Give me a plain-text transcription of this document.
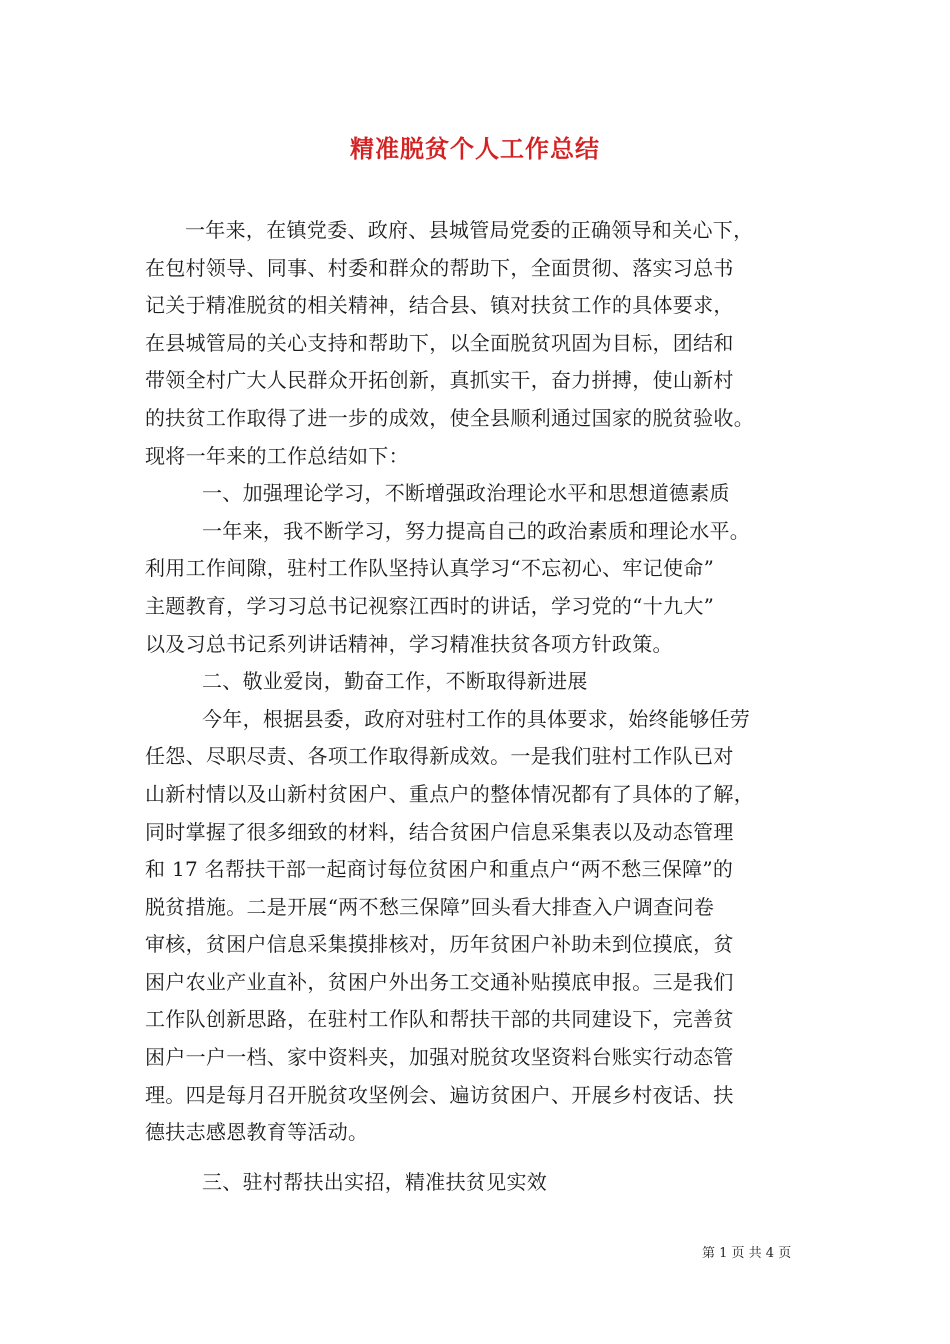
精准脱贫个人工作总结
一年来，在镇党委、政府、县城管局党委的正确领导和关心下，
在包村领导、同事、村委和群众的帮助下，全面贯彻、落实习总书
记关于精准脱贫的相关精神，结合县、镇对扶贫工作的具体要求，
在县城管局的关心支持和帮助下，以全面脱贫巩固为目标，团结和
带领全村广大人民群众开拓创新，真抓实干，奋力拼搏，使山新村
的扶贫工作取得了进一步的成效，使全县顺利通过国家的脱贫验收。
现将一年来的工作总结如下：
一、加强理论学习，不断增强政治理论水平和思想道德素质
一年来，我不断学习，努力提高自己的政治素质和理论水平。
利用工作间隙，驻村工作队坚持认真学习“不忘初心、牢记使命”
主题教育，学习习总书记视察江西时的讲话，学习党的“十九大”
以及习总书记系列讲话精神，学习精准扶贫各项方针政策。
二、敬业爱岗，勤奋工作，不断取得新进展
今年，根据县委，政府对驻村工作的具体要求，始终能够任劳
任怨、尽职尽责、各项工作取得新成效。一是我们驻村工作队已对
山新村情以及山新村贫困户、重点户的整体情况都有了具体的了解，
同时掌握了很多细致的材料，结合贫困户信息采集表以及动态管理
和 17 名帮扶干部一起商讨每位贫困户和重点户“两不愁三保障”的
脱贫措施。二是开展“两不愁三保障”回头看大排查入户调查问卷
审核，贫困户信息采集摸排核对，历年贫困户补助未到位摸底，贫
困户农业产业直补，贫困户外出务工交通补贴摸底申报。三是我们
工作队创新思路，在驻村工作队和帮扶干部的共同建设下，完善贫
困户一户一档、家中资料夹，加强对脱贫攻坚资料台账实行动态管
理。四是每月召开脱贫攻坚例会、遍访贫困户、开展乡村夜话、扶
德扶志感恩教育等活动。
三、驻村帮扶出实招，精准扶贫见实效
第 1 页 共 4 页
